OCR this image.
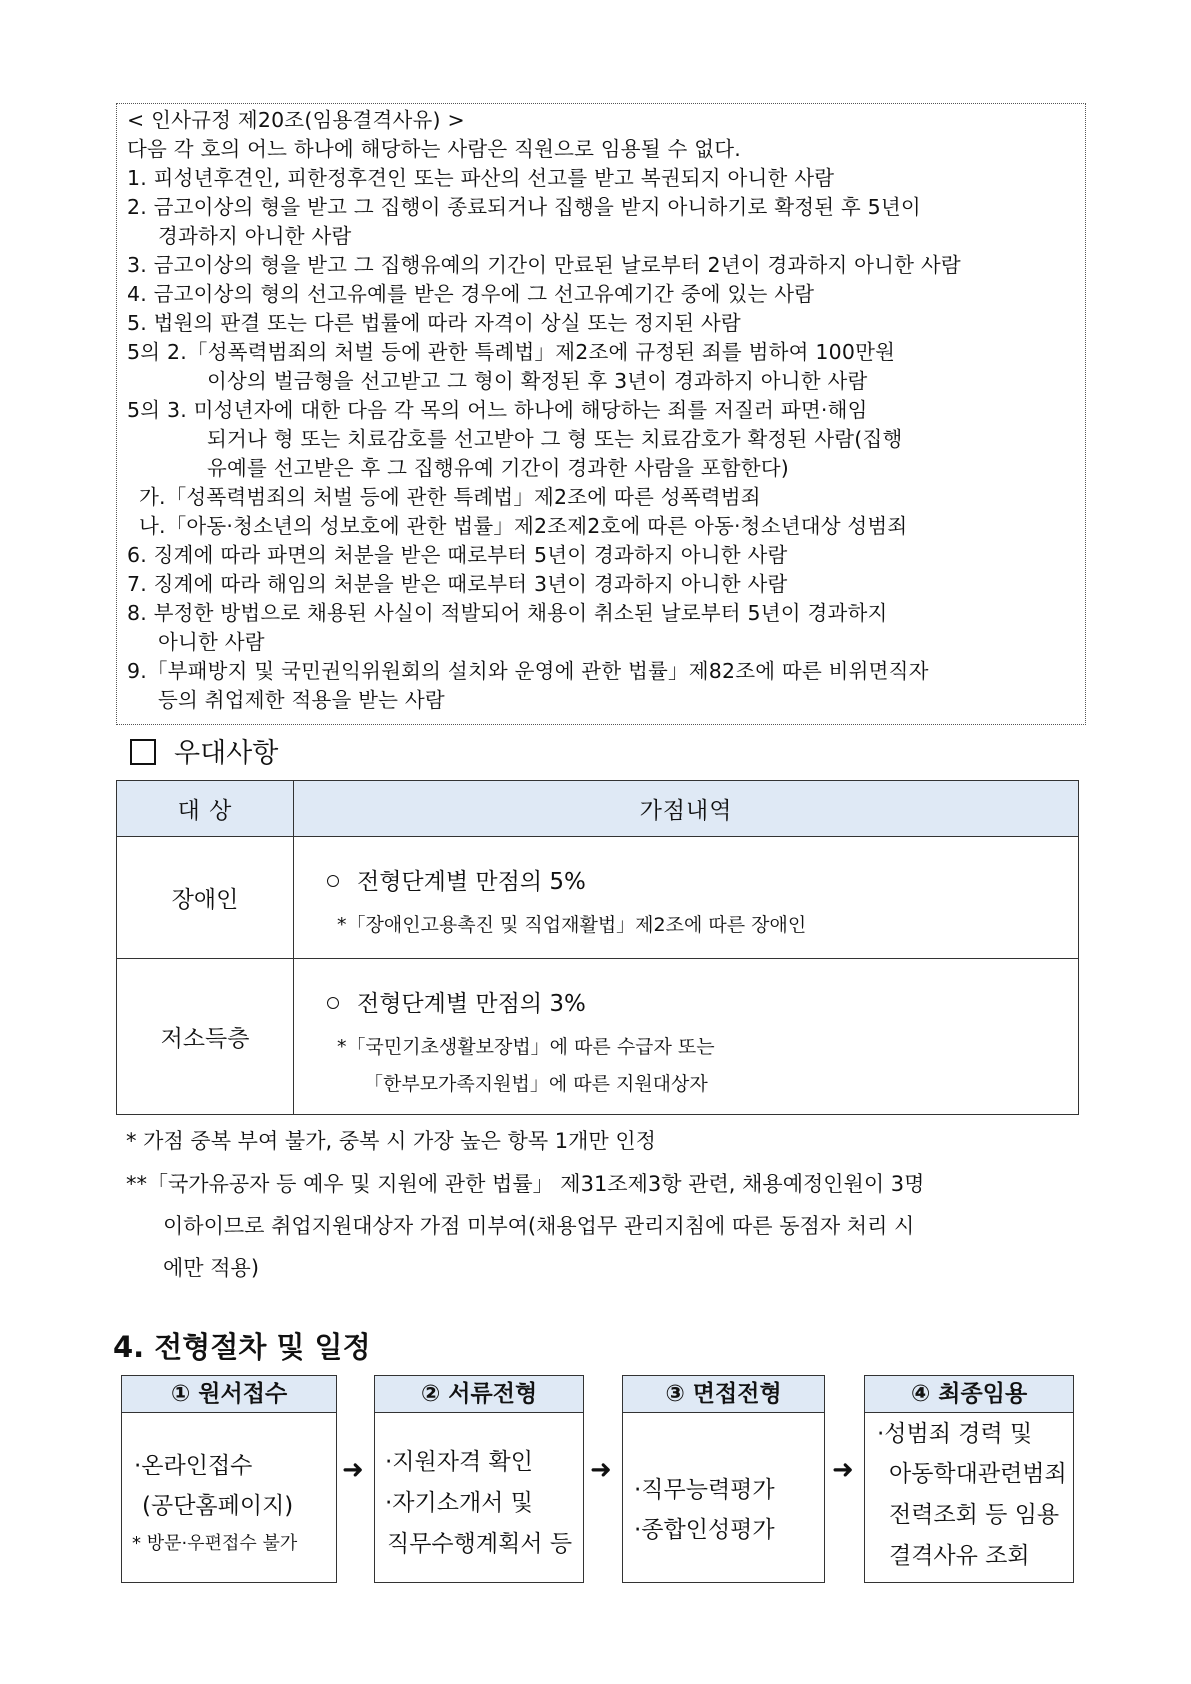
< 인사규정 제20조(임용결격사유) >
다음 각 호의 어느 하나에 해당하는 사람은 직원으로 임용될 수 없다.
1. 피성년후견인, 피한정후견인 또는 파산의 선고를 받고 복권되지 아니한 사람
2. 금고이상의 형을 받고 그 집행이 종료되거나 집행을 받지 아니하기로 확정된 후 5년이
경과하지 아니한 사람
3. 금고이상의 형을 받고 그 집행유예의 기간이 만료된 날로부터 2년이 경과하지 아니한 사람
4. 금고이상의 형의 선고유예를 받은 경우에 그 선고유예기간 중에 있는 사람
5. 법원의 판결 또는 다른 법률에 따라 자격이 상실 또는 정지된 사람
5의 2.「성폭력범죄의 처벌 등에 관한 특례법」제2조에 규정된 죄를 범하여 100만원
이상의 벌금형을 선고받고 그 형이 확정된 후 3년이 경과하지 아니한 사람
5의 3. 미성년자에 대한 다음 각 목의 어느 하나에 해당하는 죄를 저질러 파면·해임
되거나 형 또는 치료감호를 선고받아 그 형 또는 치료감호가 확정된 사람(집행
유예를 선고받은 후 그 집행유예 기간이 경과한 사람을 포함한다)
가.「성폭력범죄의 처벌 등에 관한 특례법」제2조에 따른 성폭력범죄
나.「아동·청소년의 성보호에 관한 법률」제2조제2호에 따른 아동·청소년대상 성범죄
6. 징계에 따라 파면의 처분을 받은 때로부터 5년이 경과하지 아니한 사람
7. 징계에 따라 해임의 처분을 받은 때로부터 3년이 경과하지 아니한 사람
8. 부정한 방법으로 채용된 사실이 적발되어 채용이 취소된 날로부터 5년이 경과하지
아니한 사람
9.「부패방지 및 국민권익위원회의 설치와 운영에 관한 법률」제82조에 따른 비위면직자
등의 취업제한 적용을 받는 사람
우대사항
대 상	가점내역
장애인	전형단계별 만점의 5%
*「장애인고용촉진 및 직업재활법」제2조에 따른 장애인

저소득층	전형단계별 만점의 3%
*「국민기초생활보장법」에 따른 수급자 또는
「한부모가족지원법」에 따른 지원대상자
* 가점 중복 부여 불가, 중복 시 가장 높은 항목 1개만 인정
**「국가유공자 등 예우 및 지원에 관한 법률」 제31조제3항 관련, 채용예정인원이 3명
이하이므로 취업지원대상자 가점 미부여(채용업무 관리지침에 따른 동점자 처리 시
에만 적용)
4. 전형절차 및 일정
① 원서접수
·온라인접수
(공단홈페이지)
* 방문·우편접수 불가
➜
② 서류전형
·지원자격 확인
·자기소개서 및
직무수행계획서 등
➜
③ 면접전형
·직무능력평가
·종합인성평가
➜
④ 최종임용
·성범죄 경력 및
아동학대관련범죄
전력조회 등 임용
결격사유 조회
